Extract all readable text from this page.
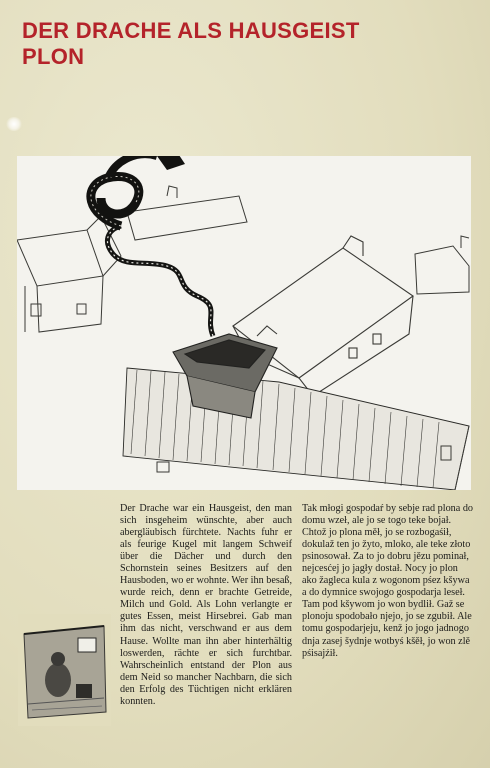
DER DRACHE ALS HAUSGEIST
PLON
Der Drache war ein Hausgeist, den man sich insgeheim wünschte, aber auch abergläubisch fürchtete. Nachts fuhr er als feurige Kugel mit langem Schweif über die Dächer und durch den Schornstein seines Besitzers auf den Hausboden, wo er wohnte. Wer ihn besaß, wurde reich, denn er brachte Getreide, Milch und Gold. Als Lohn verlangte er gutes Essen, meist Hirsebrei. Gab man ihm das nicht, verschwand er aus dem Hause. Wollte man ihn aber hinterhältig loswerden, rächte er sich furchtbar. Wahrscheinlich entstand der Plon aus dem Neid so mancher Nachbarn, die sich den Erfolg des Tüchtigen nicht erklären konnten.
Tak młogi gospodaŕ by sebje rad plona do domu wzeł, ale jo se togo teke bojał. Chtož jo plona měł, jo se rozbogaśił, dokulaž ten jo žyto, mloko, ale teke złoto psinosował. Za to jo dobru jězu pominał, nejcesćej jo jagły dostał. Nocy jo plon ako žagleca kula z wogonom pśez kšywa a do dymnice swojogo gospodarja leseł. Tam pod kšywom jo won bydlił. Gaž se plonoju spodobało njejo, jo se zgubił. Ale tomu gospodarjeju, kenž jo jogo jadnogo dnja zasej šydnje wotbyś kšěł, jo won zlě pśisajźił.
